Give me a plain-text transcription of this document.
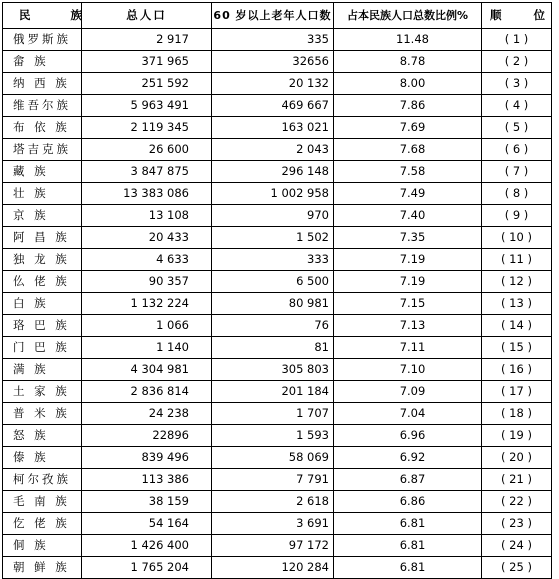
民 族	总人口	60 岁以上老年人口数	占本民族人口总数比例%	顺 位
俄罗斯族	2 917	335	11.48	( 1 )
畲 族	371 965	32656	8.78	( 2 )
纳 西 族	251 592	20 132	8.00	( 3 )
维吾尔族	5 963 491	469 667	7.86	( 4 )
布 依 族	2 119 345	163 021	7.69	( 5 )
塔吉克族	26 600	2 043	7.68	( 6 )
藏 族	3 847 875	296 148	7.58	( 7 )
壮 族	13 383 086	1 002 958	7.49	( 8 )
京 族	13 108	970	7.40	( 9 )
阿 昌 族	20 433	1 502	7.35	( 10 )
独 龙 族	4 633	333	7.19	( 11 )
仫 佬 族	90 357	6 500	7.19	( 12 )
白 族	1 132 224	80 981	7.15	( 13 )
珞 巴 族	1 066	76	7.13	( 14 )
门 巴 族	1 140	81	7.11	( 15 )
满 族	4 304 981	305 803	7.10	( 16 )
土 家 族	2 836 814	201 184	7.09	( 17 )
普 米 族	24 238	1 707	7.04	( 18 )
怒 族	22896	1 593	6.96	( 19 )
傣 族	839 496	58 069	6.92	( 20 )
柯尔孜族	113 386	7 791	6.87	( 21 )
毛 南 族	38 159	2 618	6.86	( 22 )
仡 佬 族	54 164	3 691	6.81	( 23 )
侗 族	1 426 400	97 172	6.81	( 24 )
朝 鲜 族	1 765 204	120 284	6.81	( 25 )
